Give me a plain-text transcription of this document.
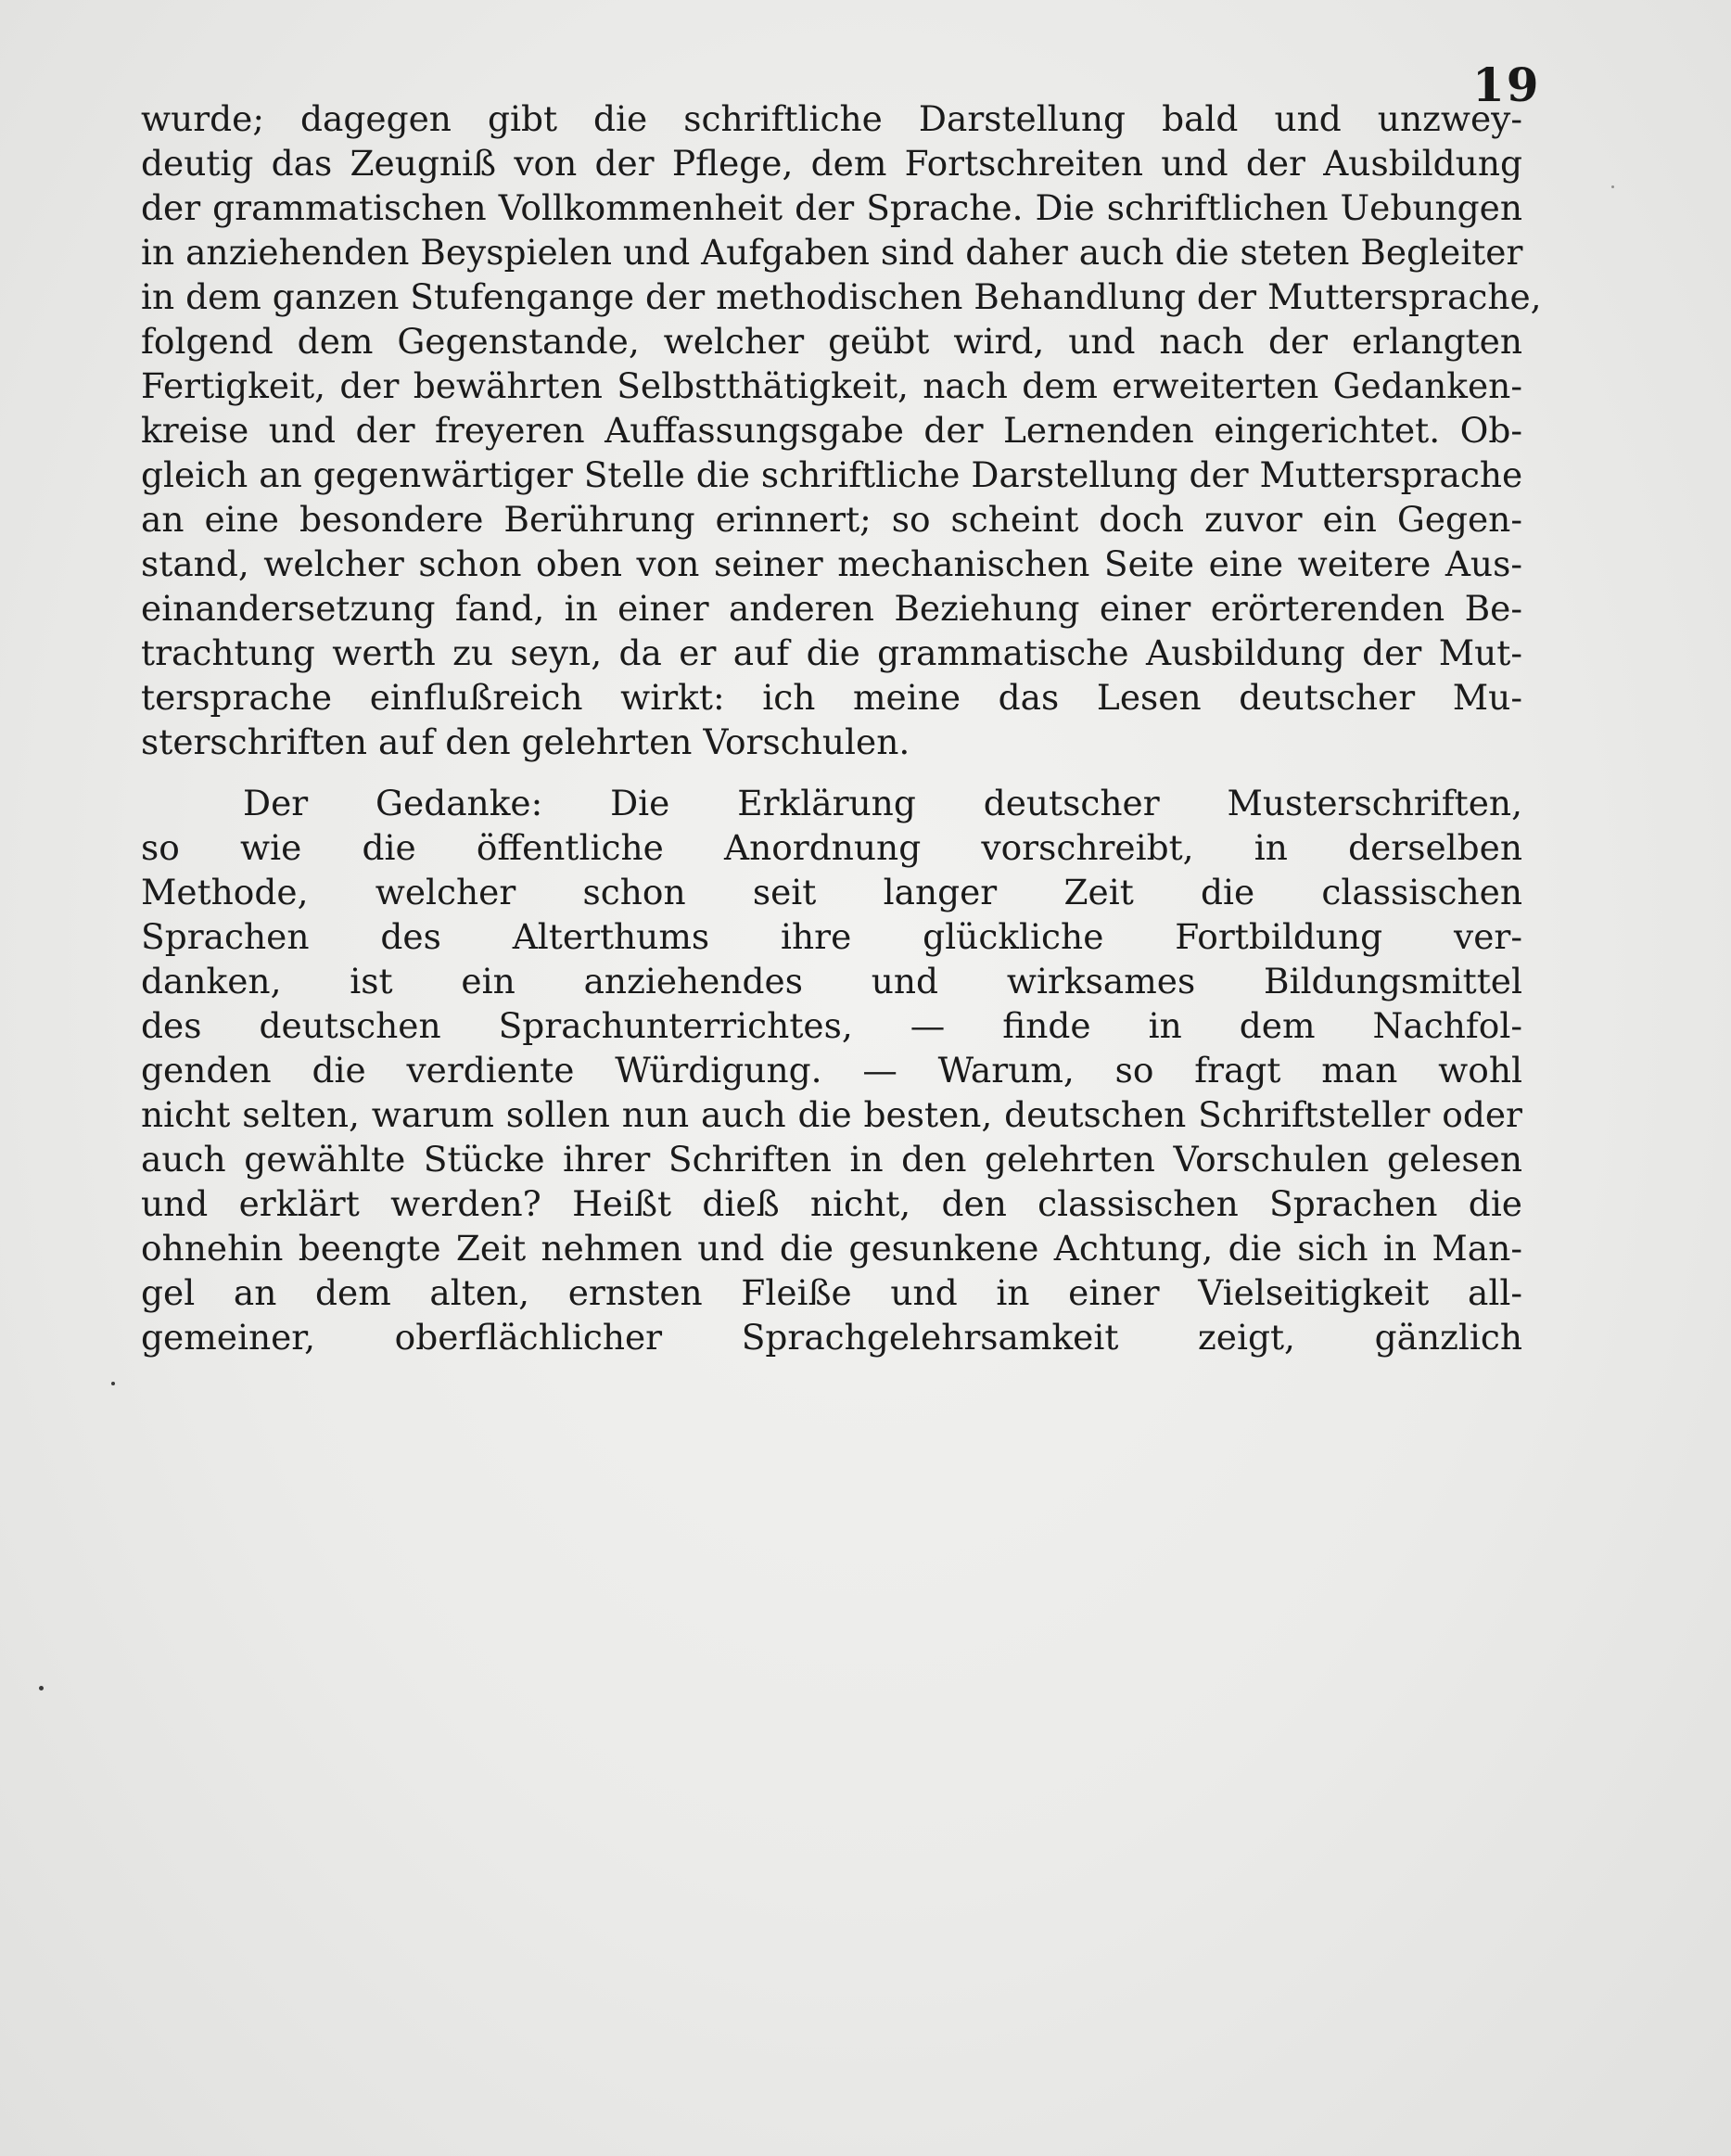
19
wurde; dagegen gibt die schriftliche Darstellung bald und unzwey-
deutig das Zeugniß von der Pflege, dem Fortschreiten und der Ausbildung
der grammatischen Vollkommenheit der Sprache. Die schriftlichen Uebungen
in anziehenden Beyspielen und Aufgaben sind daher auch die steten Begleiter
in dem ganzen Stufengange der methodischen Behandlung der Muttersprache,
folgend dem Gegenstande, welcher geübt wird, und nach der erlangten
Fertigkeit, der bewährten Selbstthätigkeit, nach dem erweiterten Gedanken-
kreise und der freyeren Auffassungsgabe der Lernenden eingerichtet. Ob-
gleich an gegenwärtiger Stelle die schriftliche Darstellung der Muttersprache
an eine besondere Berührung erinnert; so scheint doch zuvor ein Gegen-
stand, welcher schon oben von seiner mechanischen Seite eine weitere Aus-
einandersetzung fand, in einer anderen Beziehung einer erörterenden Be-
trachtung werth zu seyn, da er auf die grammatische Ausbildung der Mut-
tersprache einflußreich wirkt: ich meine das Lesen deutscher Mu-
sterschriften auf den gelehrten Vorschulen.
Der Gedanke: Die Erklärung deutscher Musterschriften,
so wie die öffentliche Anordnung vorschreibt, in derselben
Methode, welcher schon seit langer Zeit die classischen
Sprachen des Alterthums ihre glückliche Fortbildung ver-
danken, ist ein anziehendes und wirksames Bildungsmittel
des deutschen Sprachunterrichtes, — finde in dem Nachfol-
genden die verdiente Würdigung. — Warum, so fragt man wohl
nicht selten, warum sollen nun auch die besten, deutschen Schriftsteller oder
auch gewählte Stücke ihrer Schriften in den gelehrten Vorschulen gelesen
und erklärt werden? Heißt dieß nicht, den classischen Sprachen die
ohnehin beengte Zeit nehmen und die gesunkene Achtung, die sich in Man-
gel an dem alten, ernsten Fleiße und in einer Vielseitigkeit all-
gemeiner, oberflächlicher Sprachgelehrsamkeit zeigt, gänzlich
